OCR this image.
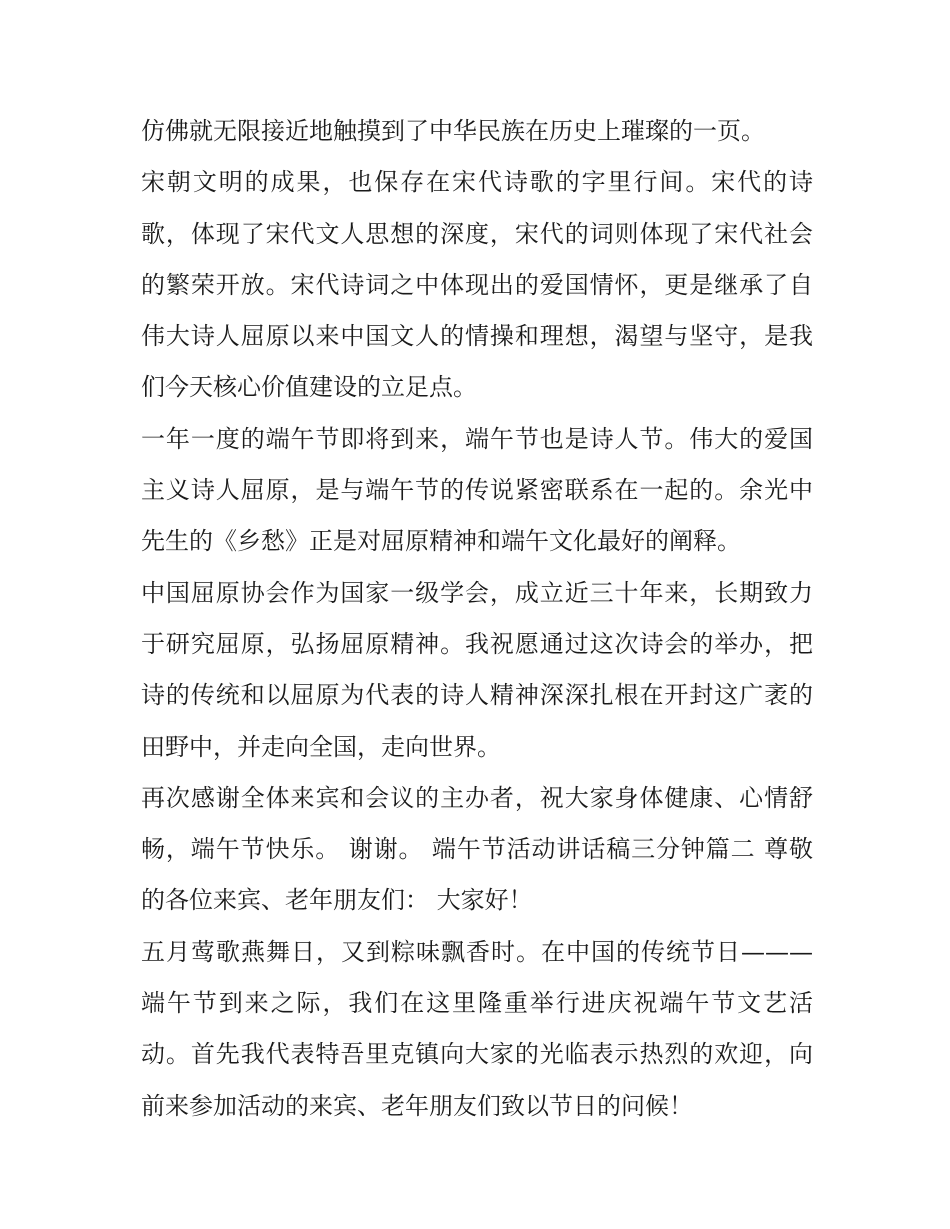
仿佛就无限接近地触摸到了中华民族在历史上璀璨的一页。
宋朝文明的成果，也保存在宋代诗歌的字里行间。宋代的诗
歌，体现了宋代文人思想的深度，宋代的词则体现了宋代社会
的繁荣开放。宋代诗词之中体现出的爱国情怀，更是继承了自
伟大诗人屈原以来中国文人的情操和理想，渴望与坚守，是我
们今天核心价值建设的立足点。
一年一度的端午节即将到来，端午节也是诗人节。伟大的爱国
主义诗人屈原，是与端午节的传说紧密联系在一起的。余光中
先生的《乡愁》正是对屈原精神和端午文化最好的阐释。
中国屈原协会作为国家一级学会，成立近三十年来，长期致力
于研究屈原，弘扬屈原精神。我祝愿通过这次诗会的举办，把
诗的传统和以屈原为代表的诗人精神深深扎根在开封这广袤的
田野中，并走向全国，走向世界。
再次感谢全体来宾和会议的主办者，祝大家身体健康、心情舒
畅，端午节快乐。 谢谢。 端午节活动讲话稿三分钟篇二 尊敬
的各位来宾、老年朋友们： 大家好！
五月莺歌燕舞日，又到粽味飘香时。在中国的传统节日———
端午节到来之际，我们在这里隆重举行进庆祝端午节文艺活
动。首先我代表特吾里克镇向大家的光临表示热烈的欢迎，向
前来参加活动的来宾、老年朋友们致以节日的问候！
